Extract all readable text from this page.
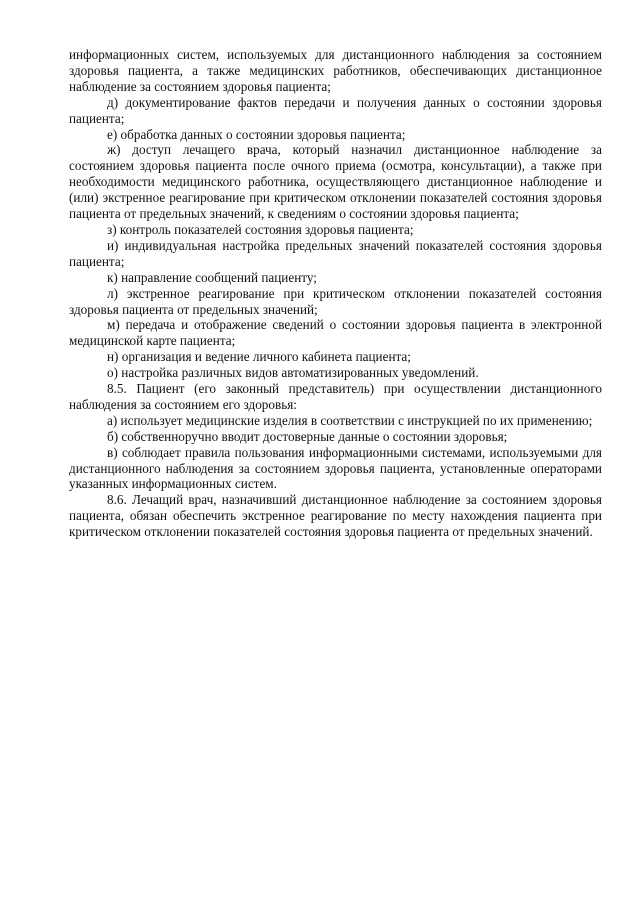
информационных систем, используемых для дистанционного наблюдения за состоянием здоровья пациента, а также медицинских работников, обеспечивающих дистанционное наблюдение за состоянием здоровья пациента;

д) документирование фактов передачи и получения данных о состоянии здоровья пациента;

е) обработка данных о состоянии здоровья пациента;

ж) доступ лечащего врача, который назначил дистанционное наблюдение за состоянием здоровья пациента после очного приема (осмотра, консультации), а также при необходимости медицинского работника, осуществляющего дистанционное наблюдение и (или) экстренное реагирование при критическом отклонении показателей состояния здоровья пациента от предельных значений, к сведениям о состоянии здоровья пациента;

з) контроль показателей состояния здоровья пациента;

и) индивидуальная настройка предельных значений показателей состояния здоровья пациента;

к) направление сообщений пациенту;

л) экстренное реагирование при критическом отклонении показателей состояния здоровья пациента от предельных значений;

м) передача и отображение сведений о состоянии здоровья пациента в электронной медицинской карте пациента;

н) организация и ведение личного кабинета пациента;

о) настройка различных видов автоматизированных уведомлений.

8.5. Пациент (его законный представитель) при осуществлении дистанционного наблюдения за состоянием его здоровья:

а) использует медицинские изделия в соответствии с инструкцией по их применению;

б) собственноручно вводит достоверные данные о состоянии здоровья;

в) соблюдает правила пользования информационными системами, используемыми для дистанционного наблюдения за состоянием здоровья пациента, установленные операторами указанных информационных систем.

8.6. Лечащий врач, назначивший дистанционное наблюдение за состоянием здоровья пациента, обязан обеспечить экстренное реагирование по месту нахождения пациента при критическом отклонении показателей состояния здоровья пациента от предельных значений.
